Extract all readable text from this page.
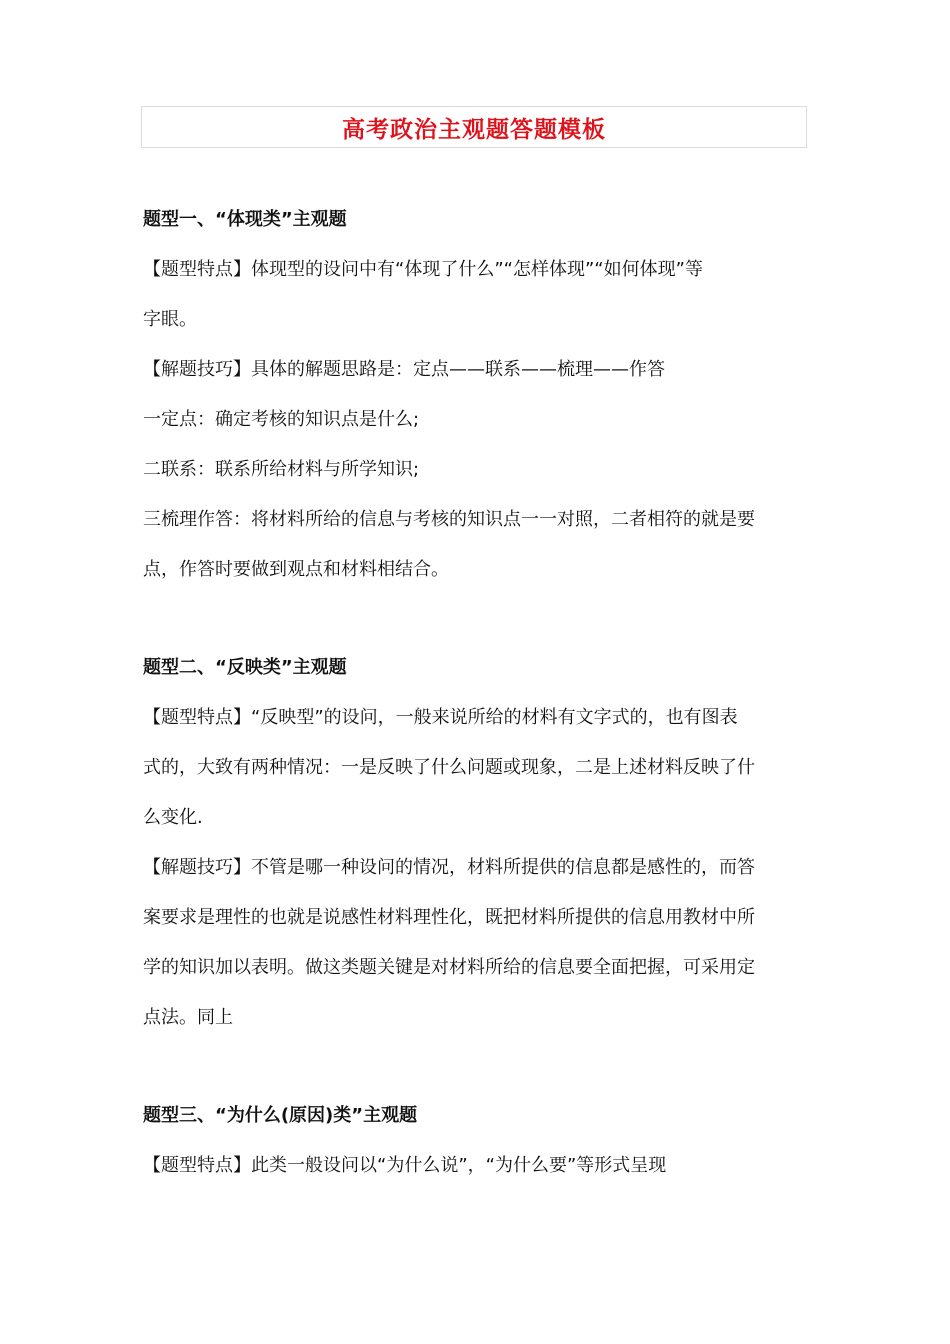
高考政治主观题答题模板
题型一、“体现类”主观题
【题型特点】体现型的设问中有“体现了什么”“怎样体现”“如何体现”等
字眼。
【解题技巧】具体的解题思路是：定点——联系——梳理——作答
一定点：确定考核的知识点是什么;
二联系：联系所给材料与所学知识;
三梳理作答：将材料所给的信息与考核的知识点一一对照，二者相符的就是要
点，作答时要做到观点和材料相结合。
题型二、“反映类”主观题
【题型特点】“反映型”的设问，一般来说所给的材料有文字式的，也有图表
式的，大致有两种情况：一是反映了什么问题或现象，二是上述材料反映了什
么变化.
【解题技巧】不管是哪一种设问的情况，材料所提供的信息都是感性的，而答
案要求是理性的也就是说感性材料理性化，既把材料所提供的信息用教材中所
学的知识加以表明。做这类题关键是对材料所给的信息要全面把握，可采用定
点法。同上
题型三、“为什么(原因)类”主观题
【题型特点】此类一般设问以“为什么说”，“为什么要”等形式呈现
